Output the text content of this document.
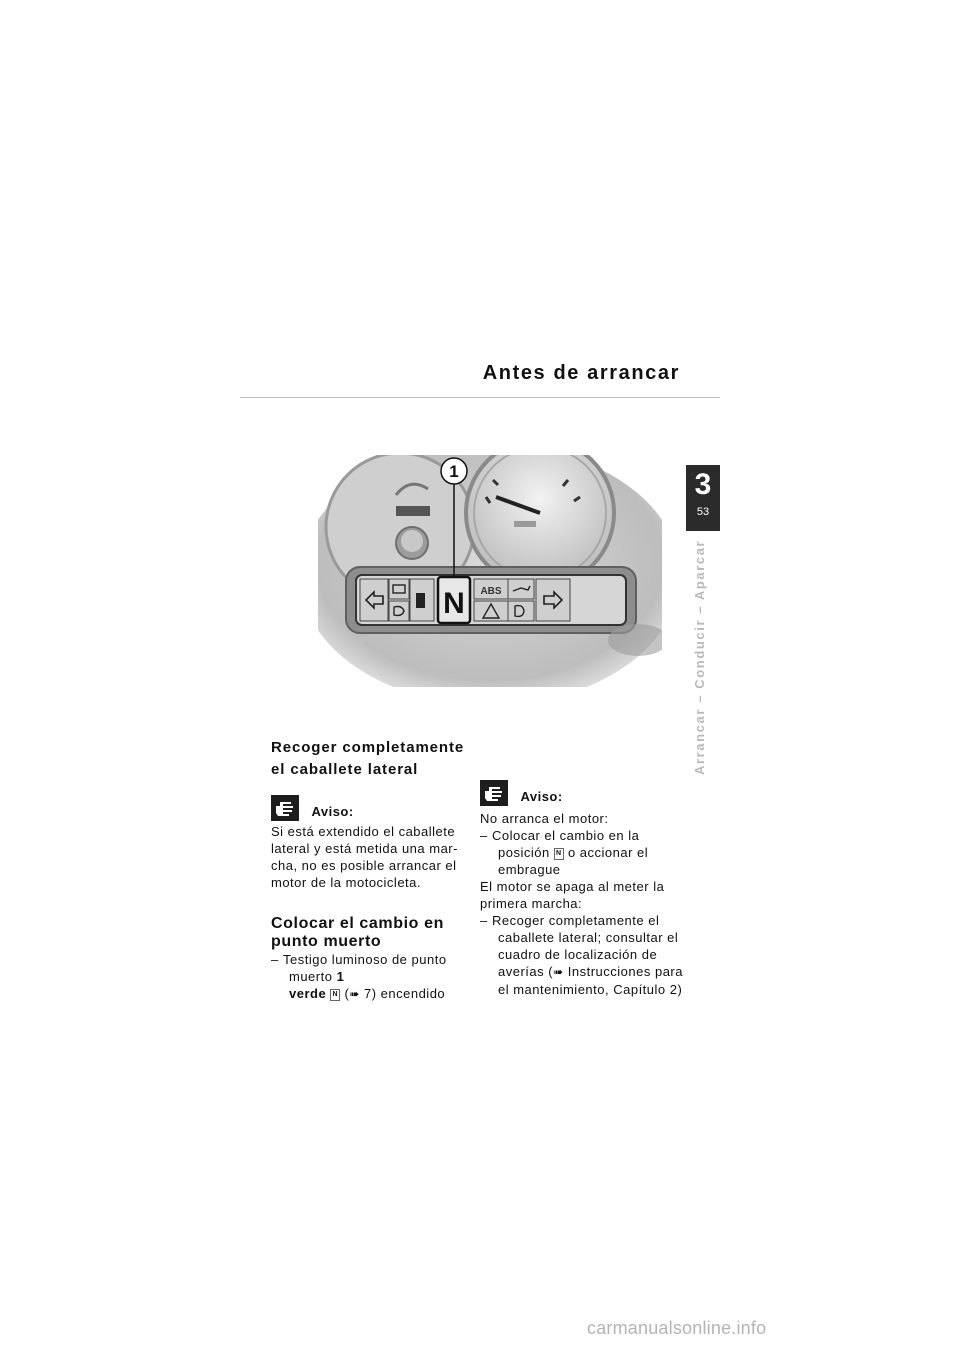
Antes de arrancar
3
53
Arrancar – Conducir – Aparcar
N ABS
1
Recoger completamente
el caballete lateral
Aviso:
Si está extendido el caballete
lateral y está metida una mar-
cha, no es posible arrancar el
motor de la motocicleta.
Colocar el cambio en
punto muerto
– Testigo luminoso de punto
muerto 1
verde N (➠ 7) encendido
Aviso:
No arranca el motor:
– Colocar el cambio en la
posición N o accionar el
embrague
El motor se apaga al meter la
primera marcha:
– Recoger completamente el
caballete lateral; consultar el
cuadro de localización de
averías (➠ Instrucciones para
el mantenimiento, Capítulo 2)
carmanualsonline.info
